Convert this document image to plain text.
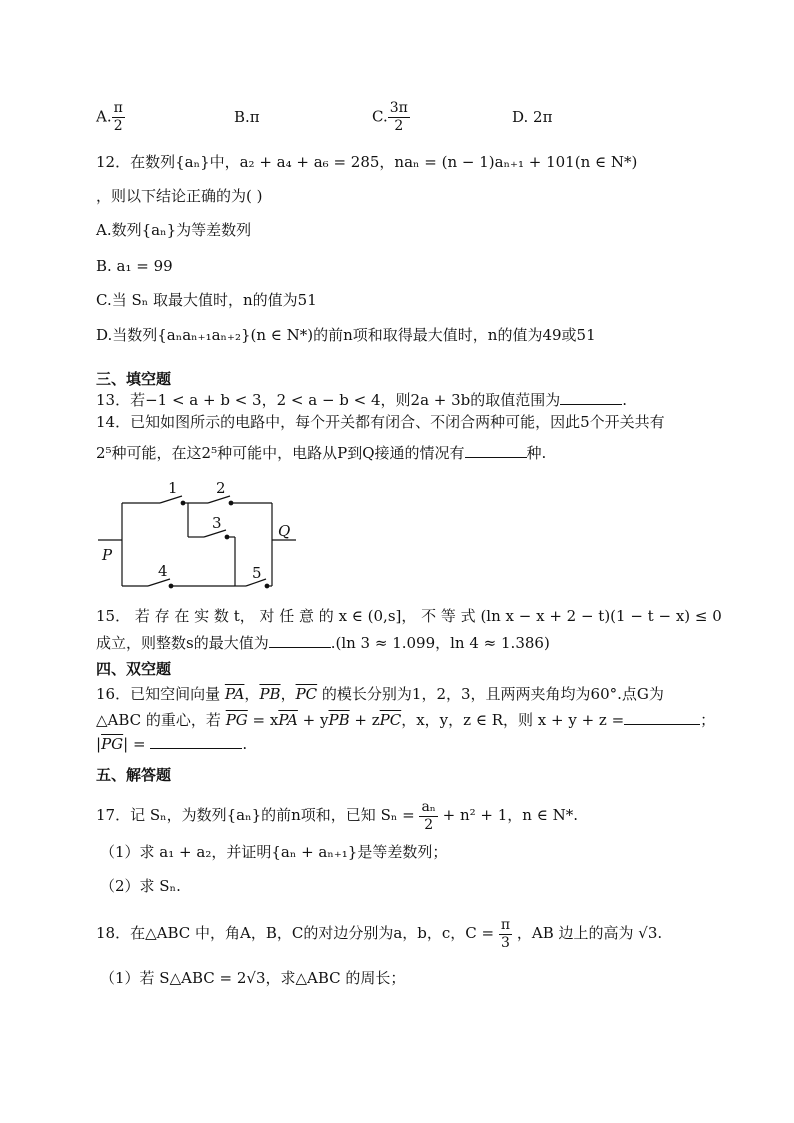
A. $\frac{\pi}{2}$	B.π	C. $\frac{3\pi}{2}$	D. 2π
12．在数列{aₙ}中，a₂ + a₄ + a₆ = 285，naₙ = (n − 1)aₙ₊₁ + 101(n ∈ N*)
，则以下结论正确的为( )
A.数列{aₙ}为等差数列
B. a₁ = 99
C.当 Sₙ 取最大值时，n的值为51
D.当数列{aₙaₙ₊₁aₙ₊₂}(n ∈ N*)的前n项和取得最大值时，n的值为49或51
三、填空题
13．若−1 < a + b < 3，2 < a − b < 4，则2a + 3b的取值范围为	.
14．已知如图所示的电路中，每个开关都有闭合、不闭合两种可能，因此5个开关共有
2⁵种可能，在这2⁵种可能中，电路从P到Q接通的情况有	种.
1	2
3
4	5
P
Q
15． 若 存 在 实 数 t， 对 任 意 的 x ∈ (0,s]， 不 等 式 (ln x − x + 2 − t)(1 − t − x) ≤ 0
成立，则整数s的最大值为	.(ln 3 ≈ 1.099，ln 4 ≈ 1.386)
四、双空题
16．已知空间向量 $\overline{PA}$，$\overline{PB}$，$\overline{PC}$ 的模长分别为1，2，3，且两两夹角均为60°.点G为
△ABC 的重心，若 $\overline{PG} = x\overline{PA} + y\overline{PB} + z\overline{PC}$，x，y，z ∈ R，则 x + y + z =	；
$|\overline{PG}|$ =	.
五、解答题
17．记 Sₙ，为数列{aₙ}的前n项和，已知 $S_n = \frac{\text{aₙ}}{2} + n^2 + 1$，n ∈ N*.
（1）求 a₁ + a₂，并证明{aₙ + aₙ₊₁}是等差数列；
（2）求 Sₙ.
18．在△ABC 中，角A，B，C的对边分别为a，b，c，$C = \frac{\pi}{3}$ ，AB 边上的高为 √3.
（1）若 S△ABC = 2√3，求△ABC 的周长；
